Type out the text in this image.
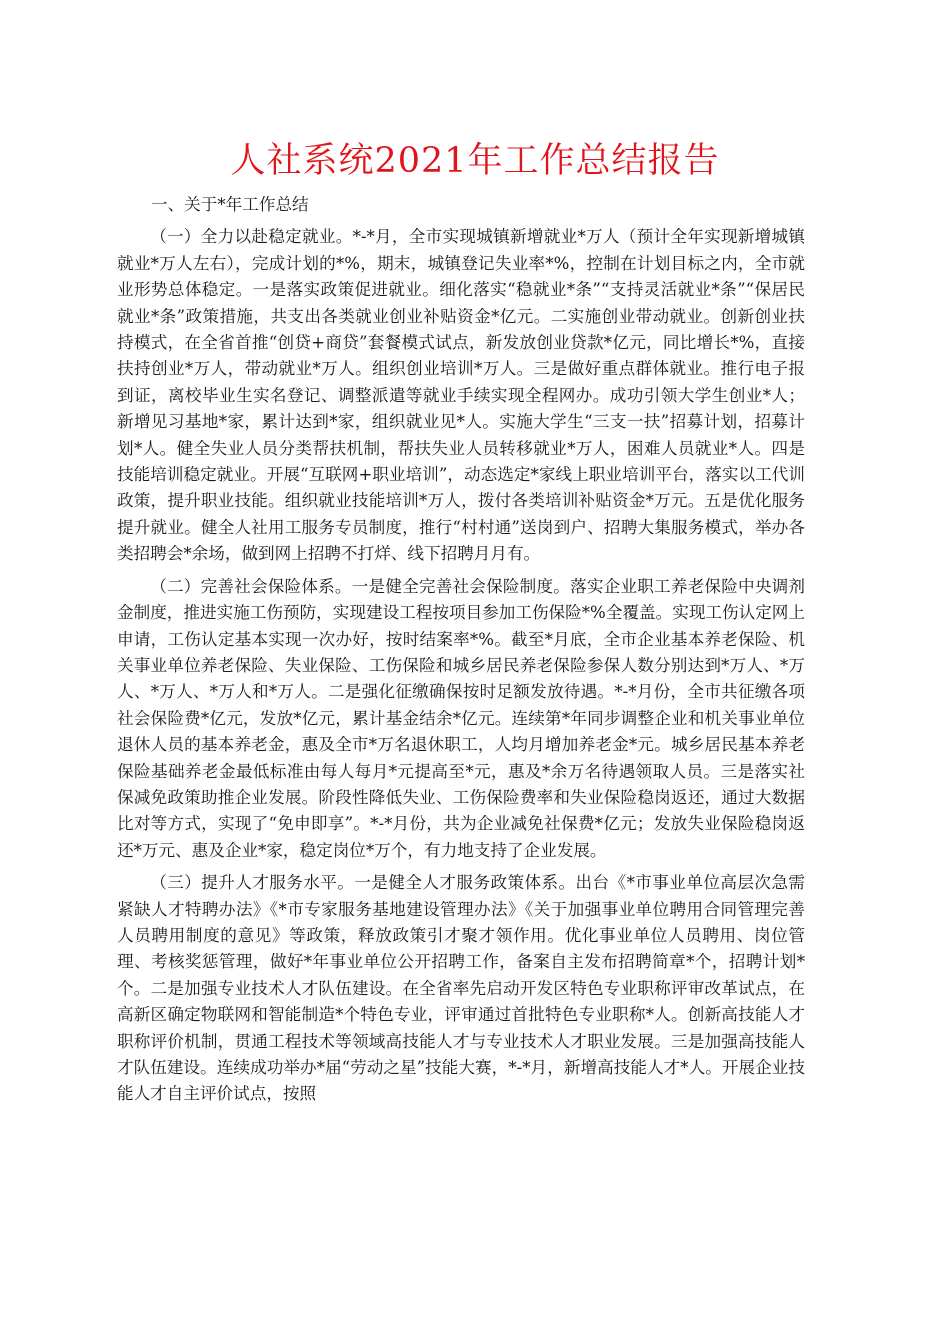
人社系统2021年工作总结报告

一、关于*年工作总结

（一）全力以赴稳定就业。*-*月，全市实现城镇新增就业*万人（预计全年实现新增城镇就业*万人左右），完成计划的*%，期末，城镇登记失业率*%，控制在计划目标之内，全市就业形势总体稳定。一是落实政策促进就业。细化落实“稳就业*条”“支持灵活就业*条”“保居民就业*条”政策措施，共支出各类就业创业补贴资金*亿元。二实施创业带动就业。创新创业扶持模式，在全省首推“创贷+商贷”套餐模式试点，新发放创业贷款*亿元，同比增长*%，直接扶持创业*万人，带动就业*万人。组织创业培训*万人。三是做好重点群体就业。推行电子报到证，离校毕业生实名登记、调整派遣等就业手续实现全程网办。成功引领大学生创业*人；新增见习基地*家，累计达到*家，组织就业见*人。实施大学生“三支一扶”招募计划，招募计划*人。健全失业人员分类帮扶机制，帮扶失业人员转移就业*万人，困难人员就业*人。四是技能培训稳定就业。开展“互联网+职业培训”，动态选定*家线上职业培训平台，落实以工代训政策，提升职业技能。组织就业技能培训*万人，拨付各类培训补贴资金*万元。五是优化服务提升就业。健全人社用工服务专员制度，推行“村村通”送岗到户、招聘大集服务模式，举办各类招聘会*余场，做到网上招聘不打烊、线下招聘月月有。

（二）完善社会保险体系。一是健全完善社会保险制度。落实企业职工养老保险中央调剂金制度，推进实施工伤预防，实现建设工程按项目参加工伤保险*%全覆盖。实现工伤认定网上申请，工伤认定基本实现一次办好，按时结案率*%。截至*月底，全市企业基本养老保险、机关事业单位养老保险、失业保险、工伤保险和城乡居民养老保险参保人数分别达到*万人、*万人、*万人、*万人和*万人。二是强化征缴确保按时足额发放待遇。*-*月份，全市共征缴各项社会保险费*亿元，发放*亿元，累计基金结余*亿元。连续第*年同步调整企业和机关事业单位退休人员的基本养老金，惠及全市*万名退休职工，人均月增加养老金*元。城乡居民基本养老保险基础养老金最低标准由每人每月*元提高至*元，惠及*余万名待遇领取人员。三是落实社保减免政策助推企业发展。阶段性降低失业、工伤保险费率和失业保险稳岗返还，通过大数据比对等方式，实现了“免申即享”。*-*月份，共为企业减免社保费*亿元；发放失业保险稳岗返还*万元、惠及企业*家，稳定岗位*万个，有力地支持了企业发展。

（三）提升人才服务水平。一是健全人才服务政策体系。出台《*市事业单位高层次急需紧缺人才特聘办法》《*市专家服务基地建设管理办法》《关于加强事业单位聘用合同管理完善人员聘用制度的意见》等政策，释放政策引才聚才领作用。优化事业单位人员聘用、岗位管理、考核奖惩管理，做好*年事业单位公开招聘工作，备案自主发布招聘简章*个，招聘计划*个。二是加强专业技术人才队伍建设。在全省率先启动开发区特色专业职称评审改革试点，在高新区确定物联网和智能制造*个特色专业，评审通过首批特色专业职称*人。创新高技能人才职称评价机制，贯通工程技术等领域高技能人才与专业技术人才职业发展。三是加强高技能人才队伍建设。连续成功举办*届“劳动之星”技能大赛，*-*月，新增高技能人才*人。开展企业技能人才自主评价试点，按照
